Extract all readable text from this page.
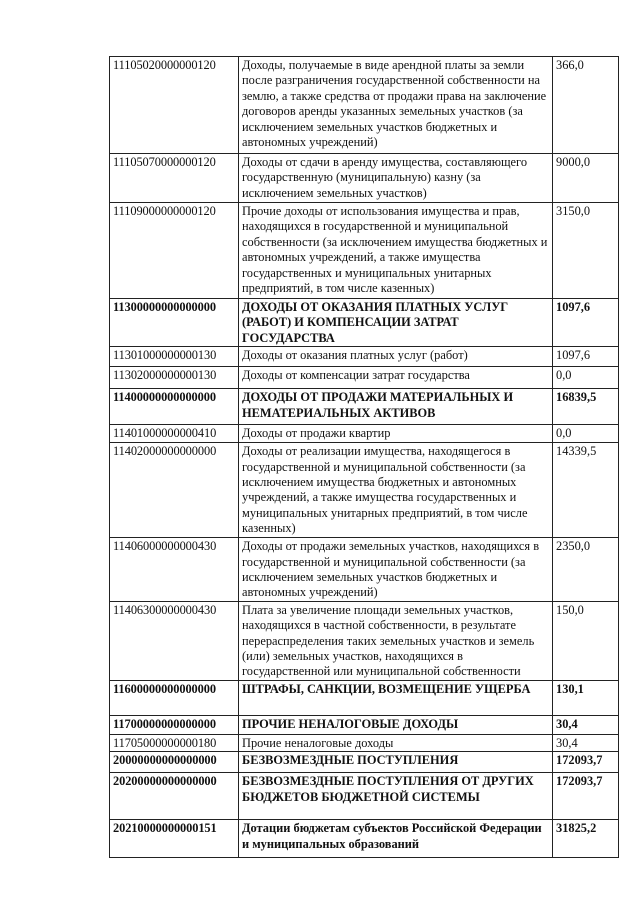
11105020000000120	Доходы, получаемые в виде арендной платы за земли после разграничения государственной собственности на землю, а также средства от продажи права на заключение договоров аренды указанных земельных участков (за исключением земельных участков бюджетных и автономных учреждений)	366,0
11105070000000120	Доходы от сдачи в аренду имущества, составляющего государственную (муниципальную) казну (за исключением земельных участков)	9000,0
11109000000000120	Прочие доходы от использования имущества и прав, находящихся в государственной и муниципальной собственности (за исключением имущества бюджетных и автономных учреждений, а также имущества государственных и муниципальных унитарных предприятий, в том числе казенных)	3150,0
11300000000000000	ДОХОДЫ ОТ ОКАЗАНИЯ ПЛАТНЫХ УСЛУГ (РАБОТ) И КОМПЕНСАЦИИ ЗАТРАТ ГОСУДАРСТВА	1097,6
11301000000000130	Доходы от оказания платных услуг (работ)	1097,6
11302000000000130	Доходы от компенсации затрат государства	0,0
11400000000000000	ДОХОДЫ ОТ ПРОДАЖИ МАТЕРИАЛЬНЫХ И НЕМАТЕРИАЛЬНЫХ АКТИВОВ	16839,5
11401000000000410	Доходы от продажи квартир	0,0
11402000000000000	Доходы от реализации имущества, находящегося в государственной и муниципальной собственности (за исключением имущества бюджетных и автономных учреждений, а также имущества государственных и муниципальных унитарных предприятий, в том числе казенных)	14339,5
11406000000000430	Доходы от продажи земельных участков, находящихся в государственной и муниципальной собственности (за исключением земельных участков бюджетных и автономных учреждений)	2350,0
11406300000000430	Плата за увеличение площади земельных участков, находящихся в частной собственности, в результате перераспределения таких земельных участков и земель (или) земельных участков, находящихся в государственной или муниципальной собственности	150,0
11600000000000000	ШТРАФЫ, САНКЦИИ, ВОЗМЕЩЕНИЕ УЩЕРБА	130,1
11700000000000000	ПРОЧИЕ НЕНАЛОГОВЫЕ ДОХОДЫ	30,4
11705000000000180	Прочие неналоговые доходы	30,4
20000000000000000	БЕЗВОЗМЕЗДНЫЕ ПОСТУПЛЕНИЯ	172093,7
20200000000000000	БЕЗВОЗМЕЗДНЫЕ ПОСТУПЛЕНИЯ ОТ ДРУГИХ БЮДЖЕТОВ БЮДЖЕТНОЙ СИСТЕМЫ	172093,7
20210000000000151	Дотации бюджетам субъектов Российской Федерации и муниципальных образований	31825,2
